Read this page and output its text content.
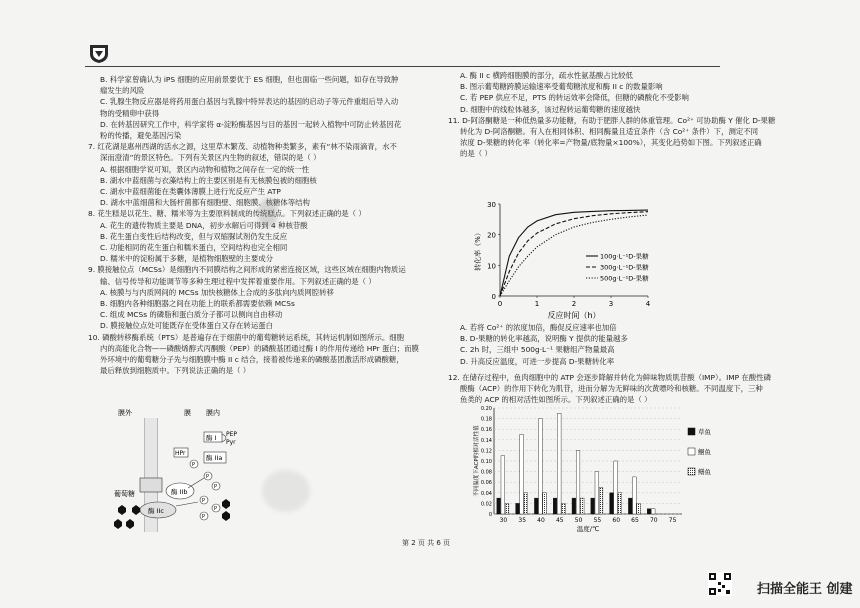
B. 科学家曾确认为 iPS 细胞的应用前景要优于 ES 细胞，但也面临一些问题，如存在导致肿
瘤发生的风险
C. 乳腺生物反应器是将药用蛋白基因与乳腺中特异表达的基因的启动子等元件重组后导入动
物的受精卵中获得
D. 在转基因研究工作中，科学家将 α-淀粉酶基因与目的基因一起转入植物中可防止转基因花
粉的传播，避免基因污染
7. 红花湖是惠州西湖的活水之源，这里草木繁茂、动植物种类繁多，素有“林不染雨滴青，水不
深而澄清”的景区特色。下列有关景区内生物的叙述，错误的是（ ）
A. 根据细胞学说可知，景区内动物和植物之间存在一定的统一性
B. 湖水中蓝细菌与衣藻结构上的主要区别是有无核膜包被的细胞核
C. 湖水中蓝细菌能在类囊体薄膜上进行光反应产生 ATP
D. 湖水中蓝细菌和大肠杆菌都有细胞壁、细胞膜、核糖体等结构
8. 花生糕是以花生、糖、糯米等为主要原料制成的传统糕点。下列叙述正确的是（ ）
A. 花生的遗传物质主要是 DNA，初步水解后可得到 4 种核苷酸
B. 花生蛋白变性后结构改变，但与双缩脲试剂仍发生反应
C. 功能相同的花生蛋白和糯米蛋白，空间结构也完全相同
D. 糯米中的淀粉属于多糖，是植物细胞壁的主要成分
9. 膜接触位点（MCSs）是细胞内不同膜结构之间形成的紧密连接区域，这些区域在细胞内物质运
输、信号传导和功能调节等多种生理过程中发挥着重要作用。下列叙述正确的是（ ）
A. 核膜与与内质网间的 MCSs 加快核糖体上合成的多肽向内质网腔转移
B. 细胞内各种细胞器之间在功能上的联系都需要依赖 MCSs
C. 组成 MCSs 的磷脂和蛋白质分子都可以侧向自由移动
D. 膜接触位点处可能既存在受体蛋白又存在转运蛋白
10. 磷酸转移酶系统（PTS）是普遍存在于细菌中的葡萄糖转运系统，其转运机制如图所示。细胞
内的高能化合物——磷酸烯醇式丙酮酸（PEP）的磷酸基团通过酶 I 的作用传递给 HPr 蛋白；而膜
外环境中的葡萄糖分子先与细胞膜中酶 II c 结合，接着被传递来的磷酸基团激活形成磷酸糖，
最后释放到细胞质中。下列说法正确的是（ ）
膜外	膜 膜内
酶 IIc
酶 IIb
酶 IIa
HPr
酶 I PEP
Pyr
葡萄糖
P
P
P
P
P
P
A. 酶 II c 横跨细胞膜的部分，疏水性氨基酸占比较低
B. 图示葡萄糖跨膜运输速率受葡萄糖浓度和酶 II c 的数量影响
C. 若 PEP 供应不足，PTS 的转运效率会降低，但糖的磷酸化不受影响
D. 细胞中的线粒体越多，该过程转运葡萄糖的速度越快
11. D-阿洛酮糖是一种低热量多功能糖，有助于肥胖人群的体重管理。Co²⁺ 可协助酶 Y 催化 D-果糖
转化为 D-阿洛酮糖。有人在相同体积、相同酶量且适宜条件（含 Co²⁺ 条件）下，测定不同
浓度 D-果糖的转化率（转化率=产物量/底物量×100%），其变化趋势如下图。下列叙述正确
的是（ ）
0
10
20
30
0	1	2	3	4
反应时间（h）
转化率（%）	100g·L⁻¹D-果糖
300g·L⁻¹D-果糖
500g·L⁻¹D-果糖
A. 若将 Co²⁺ 的浓度加倍，酶促反应速率也加倍
B. D-果糖的转化率越高，说明酶 Y 提供的能量越多
C. 2h 时，三组中 500g·L⁻¹ 果糖组产物量最高
D. 升高反应温度，可进一步提高 D-果糖转化率
12. 在储存过程中，鱼肉细胞中的 ATP 会逐步降解并转化为鲜味物质肌苷酸（IMP）。IMP 在酸性磷
酸酶（ACP）的作用下转化为肌苷，进而分解为无鲜味的次黄嘌呤和核糖。不同温度下，三种
鱼类的 ACP 的相对活性如图所示。下列叙述正确的是（ ）
0
0.02
0.04
0.06
0.08
0.10
0.12
0.14
0.16
0.18
0.20
不同温度下ACP的相对活性值
30 35 40 45 50 55 60 65 70 75
温度/℃
草鱼
鮰鱼
鳝鱼
第 2 页 共 6 页
扫描全能王 创建
